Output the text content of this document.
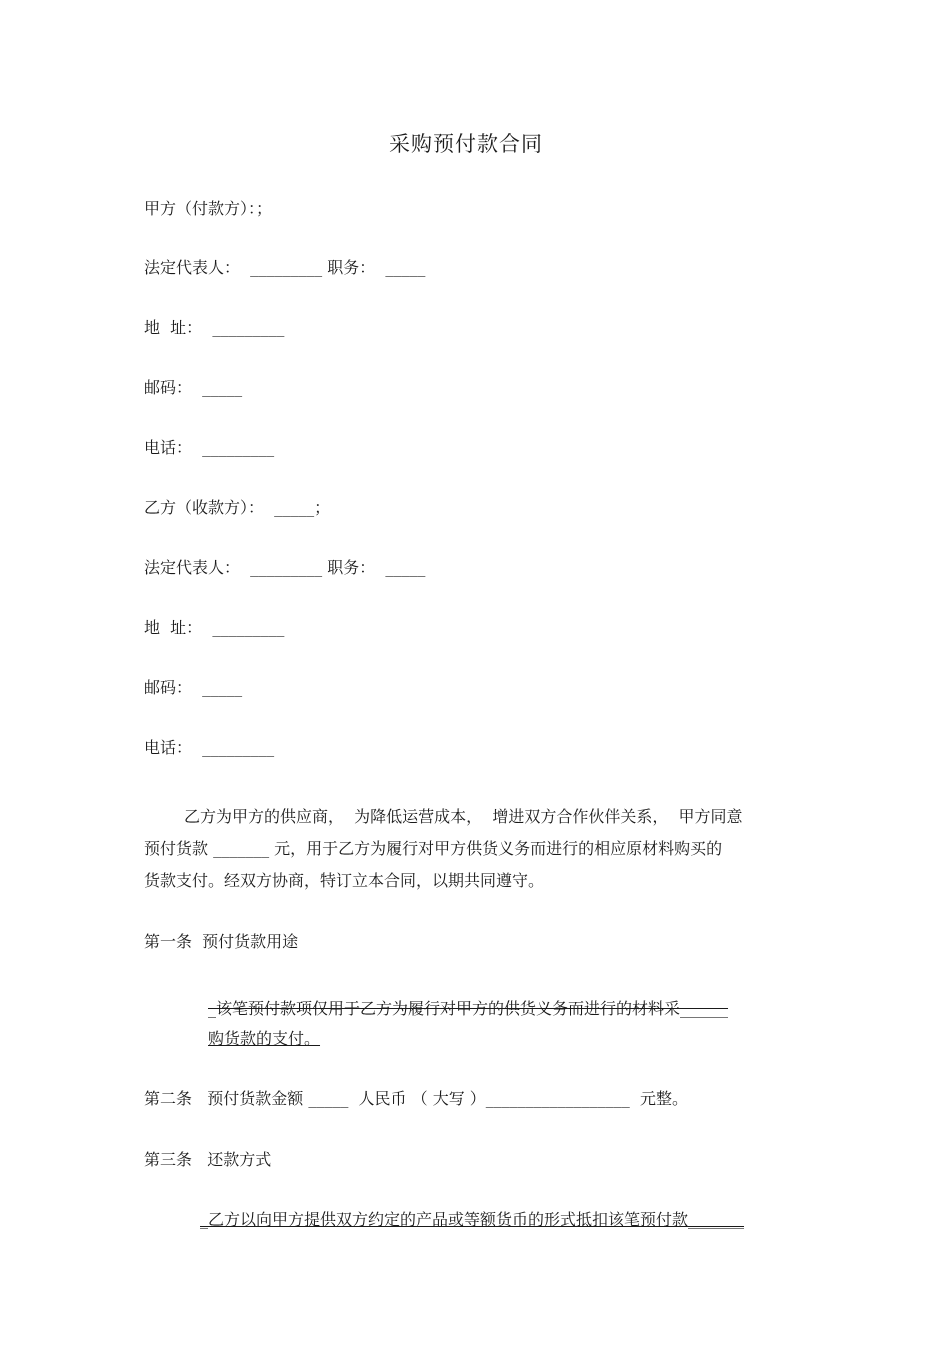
采购预付款合同
甲方（付款方）：；
法定代表人：  _________ 职务：  _____
地  址：  _________
邮码：  _____
电话：  _________
乙方（收款方）：  _____；
法定代表人：  _________ 职务：  _____
地  址：  _________
邮码：  _____
电话：  _________
乙方为甲方的供应商，  为降低运营成本，  增进双方合作伙伴关系，  甲方同意
预付货款 _______ 元，用于乙方为履行对甲方供货义务而进行的相应原材料购买的
货款支付。经双方协商，特订立本合同，以期共同遵守。
第一条  预付货款用途
_该笔预付款项仅用于乙方为履行对甲方的供货义务而进行的材料采______
购货款的支付。
第二条   预付货款金额 _____  人民币 （ 大写 ）__________________  元整。
第三条   还款方式
_乙方以向甲方提供双方约定的产品或等额货币的形式抵扣该笔预付款_______
